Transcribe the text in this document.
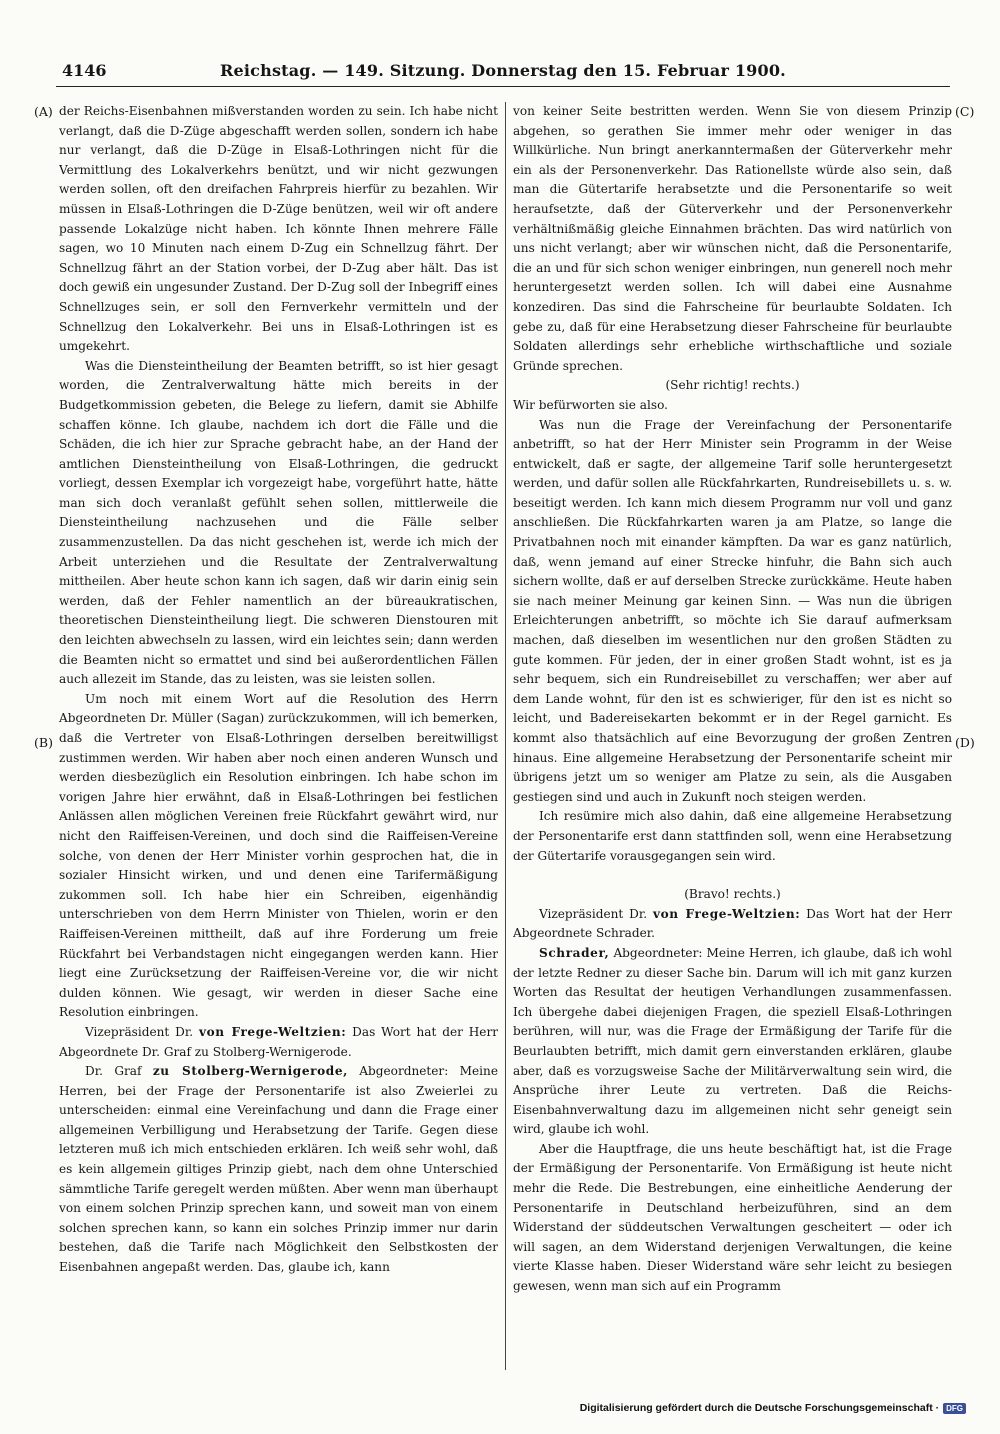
4146	Reichstag. — 149. Sitzung. Donnerstag den 15. Februar 1900.
(A)
(B)
(C)
(D)

der Reichs-Eisenbahnen mißverstanden worden zu sein. Ich habe nicht verlangt, daß die D-Züge abgeschafft werden sollen, sondern ich habe nur verlangt, daß die D-Züge in Elsaß-Lothringen nicht für die Vermittlung des Lokalverkehrs benützt, und wir nicht gezwungen werden sollen, oft den dreifachen Fahrpreis hierfür zu bezahlen. Wir müssen in Elsaß-Lothringen die D-Züge benützen, weil wir oft andere passende Lokalzüge nicht haben. Ich könnte Ihnen mehrere Fälle sagen, wo 10 Minuten nach einem D-Zug ein Schnellzug fährt. Der Schnellzug fährt an der Station vorbei, der D-Zug aber hält. Das ist doch gewiß ein ungesunder Zustand. Der D-Zug soll der Inbegriff eines Schnellzuges sein, er soll den Fernverkehr vermitteln und der Schnellzug den Lokalverkehr. Bei uns in Elsaß-Lothringen ist es umgekehrt.

Was die Diensteintheilung der Beamten betrifft, so ist hier gesagt worden, die Zentralverwaltung hätte mich bereits in der Budgetkommission gebeten, die Belege zu liefern, damit sie Abhilfe schaffen könne. Ich glaube, nachdem ich dort die Fälle und die Schäden, die ich hier zur Sprache gebracht habe, an der Hand der amtlichen Diensteintheilung von Elsaß-Lothringen, die gedruckt vorliegt, dessen Exemplar ich vorgezeigt habe, vorgeführt hatte, hätte man sich doch veranlaßt gefühlt sehen sollen, mittlerweile die Diensteintheilung nachzusehen und die Fälle selber zusammenzustellen. Da das nicht geschehen ist, werde ich mich der Arbeit unterziehen und die Resultate der Zentralverwaltung mittheilen. Aber heute schon kann ich sagen, daß wir darin einig sein werden, daß der Fehler namentlich an der büreaukratischen, theoretischen Diensteintheilung liegt. Die schweren Dienstouren mit den leichten abwechseln zu lassen, wird ein leichtes sein; dann werden die Beamten nicht so ermattet und sind bei außerordentlichen Fällen auch allezeit im Stande, das zu leisten, was sie leisten sollen.

Um noch mit einem Wort auf die Resolution des Herrn Abgeordneten Dr. Müller (Sagan) zurückzukommen, will ich bemerken, daß die Vertreter von Elsaß-Lothringen derselben bereitwilligst zustimmen werden. Wir haben aber noch einen anderen Wunsch und werden diesbezüglich ein Resolution einbringen. Ich habe schon im vorigen Jahre hier erwähnt, daß in Elsaß-Lothringen bei festlichen Anlässen allen möglichen Vereinen freie Rückfahrt gewährt wird, nur nicht den Raiffeisen-Vereinen, und doch sind die Raiffeisen-Vereine solche, von denen der Herr Minister vorhin gesprochen hat, die in sozialer Hinsicht wirken, und und denen eine Tarifermäßigung zukommen soll. Ich habe hier ein Schreiben, eigenhändig unterschrieben von dem Herrn Minister von Thielen, worin er den Raiffeisen-Vereinen mittheilt, daß auf ihre Forderung um freie Rückfahrt bei Verbandstagen nicht eingegangen werden kann. Hier liegt eine Zurücksetzung der Raiffeisen-Vereine vor, die wir nicht dulden können. Wie gesagt, wir werden in dieser Sache eine Resolution einbringen.

Vizepräsident Dr. von Frege-Weltzien: Das Wort hat der Herr Abgeordnete Dr. Graf zu Stolberg-Wernigerode.

Dr. Graf zu Stolberg-Wernigerode, Abgeordneter: Meine Herren, bei der Frage der Personentarife ist also Zweierlei zu unterscheiden: einmal eine Vereinfachung und dann die Frage einer allgemeinen Verbilligung und Herabsetzung der Tarife. Gegen diese letzteren muß ich mich entschieden erklären. Ich weiß sehr wohl, daß es kein allgemein giltiges Prinzip giebt, nach dem ohne Unterschied sämmtliche Tarife geregelt werden müßten. Aber wenn man überhaupt von einem solchen Prinzip sprechen kann, und soweit man von einem solchen sprechen kann, so kann ein solches Prinzip immer nur darin bestehen, daß die Tarife nach Möglichkeit den Selbstkosten der Eisenbahnen angepaßt werden. Das, glaube ich, kann

von keiner Seite bestritten werden. Wenn Sie von diesem Prinzip abgehen, so gerathen Sie immer mehr oder weniger in das Willkürliche. Nun bringt anerkanntermaßen der Güterverkehr mehr ein als der Personenverkehr. Das Rationellste würde also sein, daß man die Gütertarife herabsetzte und die Personentarife so weit heraufsetzte, daß der Güterverkehr und der Personenverkehr verhältnißmäßig gleiche Einnahmen brächten. Das wird natürlich von uns nicht verlangt; aber wir wünschen nicht, daß die Personentarife, die an und für sich schon weniger einbringen, nun generell noch mehr heruntergesetzt werden sollen. Ich will dabei eine Ausnahme konzediren. Das sind die Fahrscheine für beurlaubte Soldaten. Ich gebe zu, daß für eine Herabsetzung dieser Fahrscheine für beurlaubte Soldaten allerdings sehr erhebliche wirthschaftliche und soziale Gründe sprechen.

(Sehr richtig! rechts.)

Wir befürworten sie also.

Was nun die Frage der Vereinfachung der Personentarife anbetrifft, so hat der Herr Minister sein Programm in der Weise entwickelt, daß er sagte, der allgemeine Tarif solle heruntergesetzt werden, und dafür sollen alle Rückfahrkarten, Rundreisebillets u. s. w. beseitigt werden. Ich kann mich diesem Programm nur voll und ganz anschließen. Die Rückfahrkarten waren ja am Platze, so lange die Privatbahnen noch mit einander kämpften. Da war es ganz natürlich, daß, wenn jemand auf einer Strecke hinfuhr, die Bahn sich auch sichern wollte, daß er auf derselben Strecke zurückkäme. Heute haben sie nach meiner Meinung gar keinen Sinn. — Was nun die übrigen Erleichterungen anbetrifft, so möchte ich Sie darauf aufmerksam machen, daß dieselben im wesentlichen nur den großen Städten zu gute kommen. Für jeden, der in einer großen Stadt wohnt, ist es ja sehr bequem, sich ein Rundreisebillet zu verschaffen; wer aber auf dem Lande wohnt, für den ist es schwieriger, für den ist es nicht so leicht, und Badereisekarten bekommt er in der Regel garnicht. Es kommt also thatsächlich auf eine Bevorzugung der großen Zentren hinaus. Eine allgemeine Herabsetzung der Personentarife scheint mir übrigens jetzt um so weniger am Platze zu sein, als die Ausgaben gestiegen sind und auch in Zukunft noch steigen werden.

Ich resümire mich also dahin, daß eine allgemeine Herabsetzung der Personentarife erst dann stattfinden soll, wenn eine Herabsetzung der Gütertarife vorausgegangen sein wird.

(Bravo! rechts.)

Vizepräsident Dr. von Frege-Weltzien: Das Wort hat der Herr Abgeordnete Schrader.

Schrader, Abgeordneter: Meine Herren, ich glaube, daß ich wohl der letzte Redner zu dieser Sache bin. Darum will ich mit ganz kurzen Worten das Resultat der heutigen Verhandlungen zusammenfassen. Ich übergehe dabei diejenigen Fragen, die speziell Elsaß-Lothringen berühren, will nur, was die Frage der Ermäßigung der Tarife für die Beurlaubten betrifft, mich damit gern einverstanden erklären, glaube aber, daß es vorzugsweise Sache der Militärverwaltung sein wird, die Ansprüche ihrer Leute zu vertreten. Daß die Reichs-Eisenbahnverwaltung dazu im allgemeinen nicht sehr geneigt sein wird, glaube ich wohl.

Aber die Hauptfrage, die uns heute beschäftigt hat, ist die Frage der Ermäßigung der Personentarife. Von Ermäßigung ist heute nicht mehr die Rede. Die Bestrebungen, eine einheitliche Aenderung der Personentarife in Deutschland herbeizuführen, sind an dem Widerstand der süddeutschen Verwaltungen gescheitert — oder ich will sagen, an dem Widerstand derjenigen Verwaltungen, die keine vierte Klasse haben. Dieser Widerstand wäre sehr leicht zu besiegen gewesen, wenn man sich auf ein Programm

Digitalisierung gefördert durch die Deutsche Forschungsgemeinschaft · DFG
